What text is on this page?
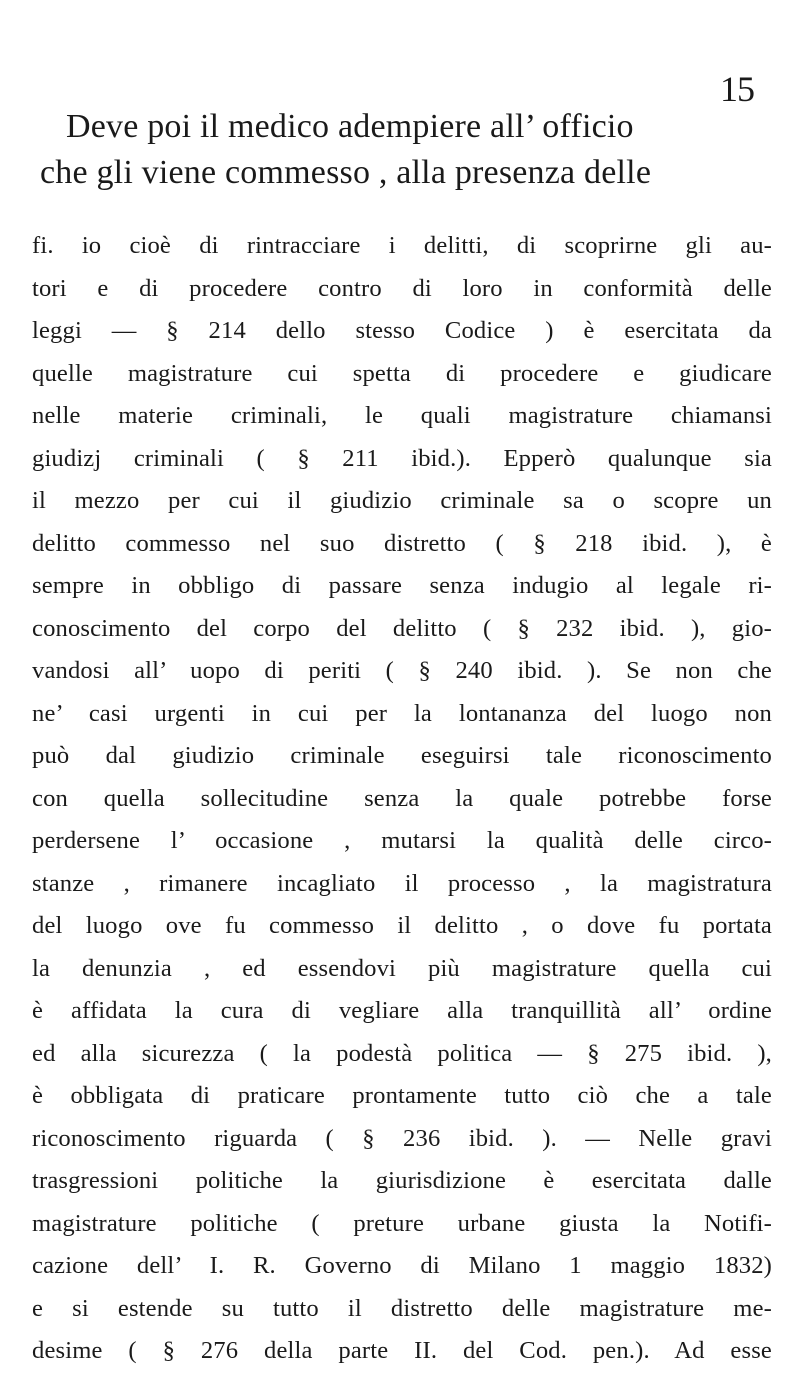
15
Deve poi il medico adempiere all’ officio
che gli viene commesso , alla presenza delle
fi. io cioè di rintracciare i delitti, di scoprirne gli au-
tori e di procedere contro di loro in conformità delle
leggi — § 214 dello stesso Codice ) è esercitata da
quelle magistrature cui spetta di procedere e giudicare
nelle materie criminali, le quali magistrature chiamansi
giudizj criminali ( § 211 ibid.). Epperò qualunque sia
il mezzo per cui il giudizio criminale sa o scopre un
delitto commesso nel suo distretto ( § 218 ibid. ), è
sempre in obbligo di passare senza indugio al legale ri-
conoscimento del corpo del delitto ( § 232 ibid. ), gio-
vandosi all’ uopo di periti ( § 240 ibid. ). Se non che
ne’ casi urgenti in cui per la lontananza del luogo non
può dal giudizio criminale eseguirsi tale riconoscimento
con quella sollecitudine senza la quale potrebbe forse
perdersene l’ occasione , mutarsi la qualità delle circo-
stanze , rimanere incagliato il processo , la magistratura
del luogo ove fu commesso il delitto , o dove fu portata
la denunzia , ed essendovi più magistrature quella cui
è affidata la cura di vegliare alla tranquillità all’ ordine
ed alla sicurezza ( la podestà politica — § 275 ibid. ),
è obbligata di praticare prontamente tutto ciò che a tale
riconoscimento riguarda ( § 236 ibid. ). — Nelle gravi
trasgressioni politiche la giurisdizione è esercitata dalle
magistrature politiche ( preture urbane giusta la Notifi-
cazione dell’ I. R. Governo di Milano 1 maggio 1832)
e si estende su tutto il distretto delle magistrature me-
desime ( § 276 della parte II. del Cod. pen.). Ad esse
